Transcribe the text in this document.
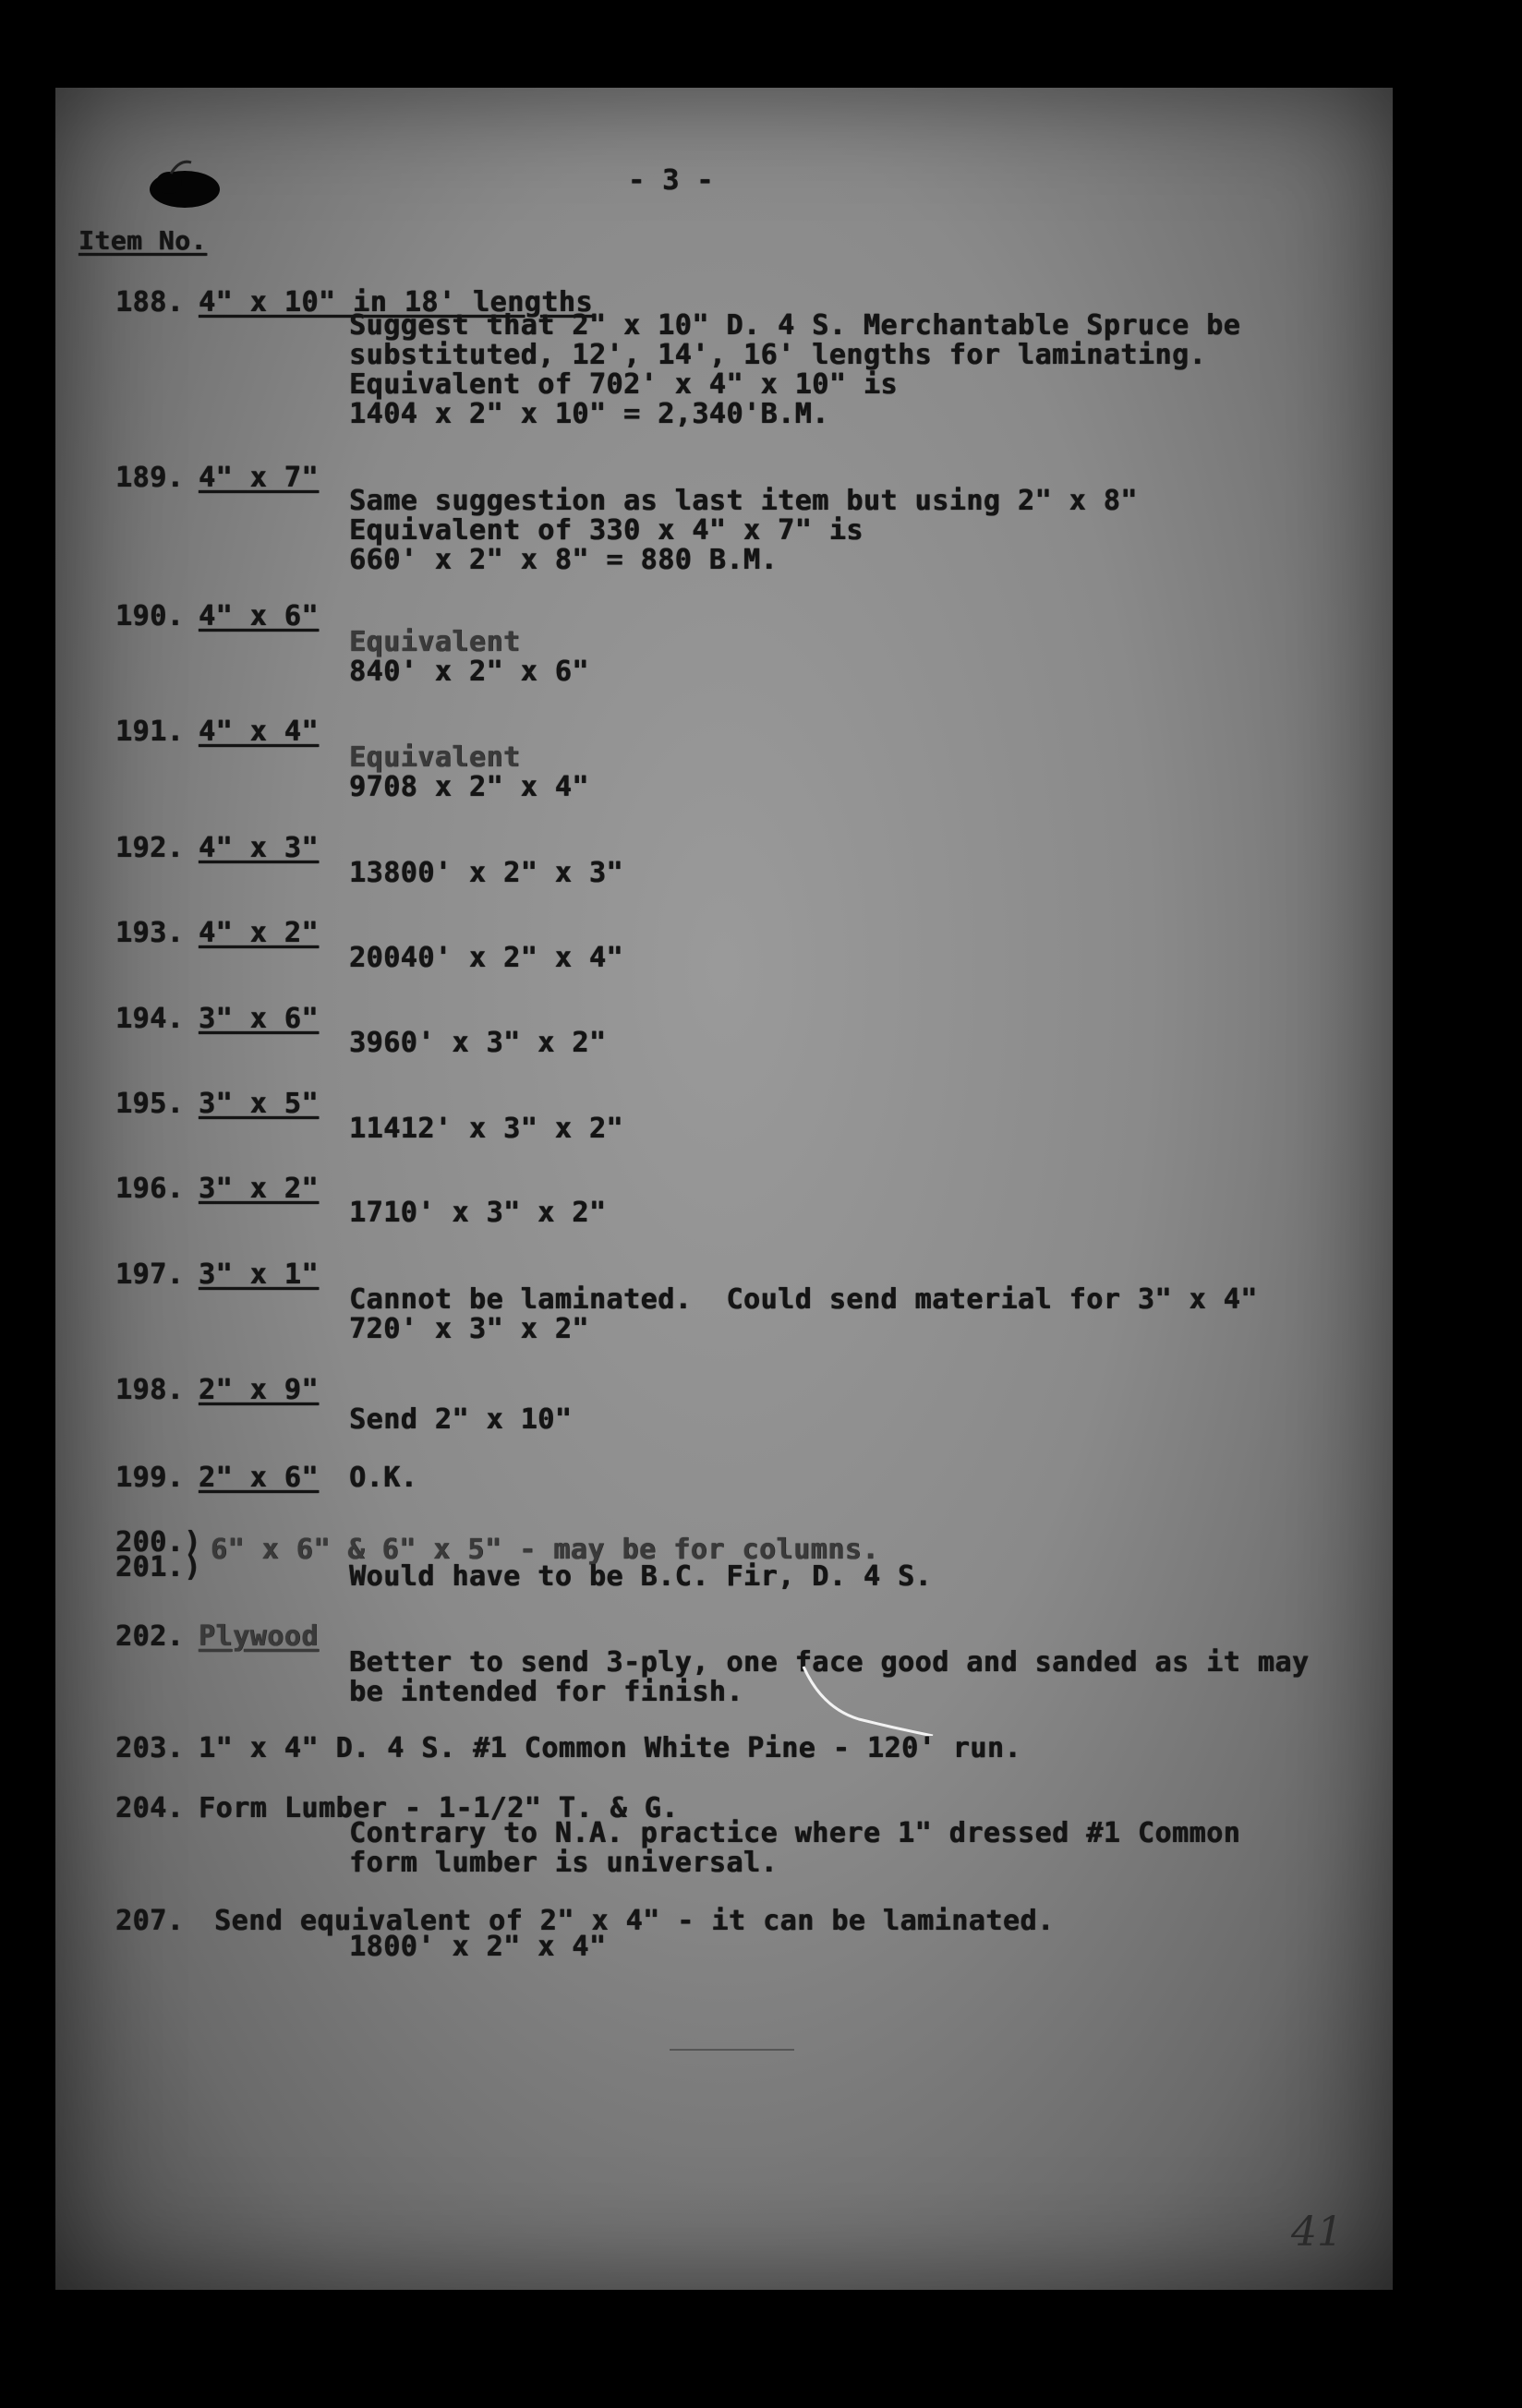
- 3 -
Item No.
188. 4" x 10" in 18' lengths
Suggest that 2" x 10" D. 4 S. Merchantable Spruce be
substituted, 12', 14', 16' lengths for laminating.
Equivalent of 702' x 4" x 10" is
1404 x 2" x 10" = 2,340'B.M.
189. 4" x 7"
Same suggestion as last item but using 2" x 8"
Equivalent of 330 x 4" x 7" is
660' x 2" x 8" = 880 B.M.
190. 4" x 6"
Equivalent
840' x 2" x 6"
191. 4" x 4"
Equivalent
9708 x 2" x 4"
192. 4" x 3"
13800' x 2" x 3"
193. 4" x 2"
20040' x 2" x 4"
194. 3" x 6"
3960' x 3" x 2"
195. 3" x 5"
11412' x 3" x 2"
196. 3" x 2"
1710' x 3" x 2"
197. 3" x 1"
Cannot be laminated.  Could send material for 3" x 4"
720' x 3" x 2"
198. 2" x 9"
Send 2" x 10"
199. 2" x 6" O.K.
200.)
201.)
6" x 6" & 6" x 5" - may be for columns.
Would have to be B.C. Fir, D. 4 S.
202. Plywood
Better to send 3-ply, one face good and sanded as it may
be intended for finish.
203. 1" x 4" D. 4 S. #1 Common White Pine - 120' run.
204. Form Lumber - 1-1/2" T. & G.
Contrary to N.A. practice where 1" dressed #1 Common
form lumber is universal.
207. Send equivalent of 2" x 4" - it can be laminated.
1800' x 2" x 4"
41
